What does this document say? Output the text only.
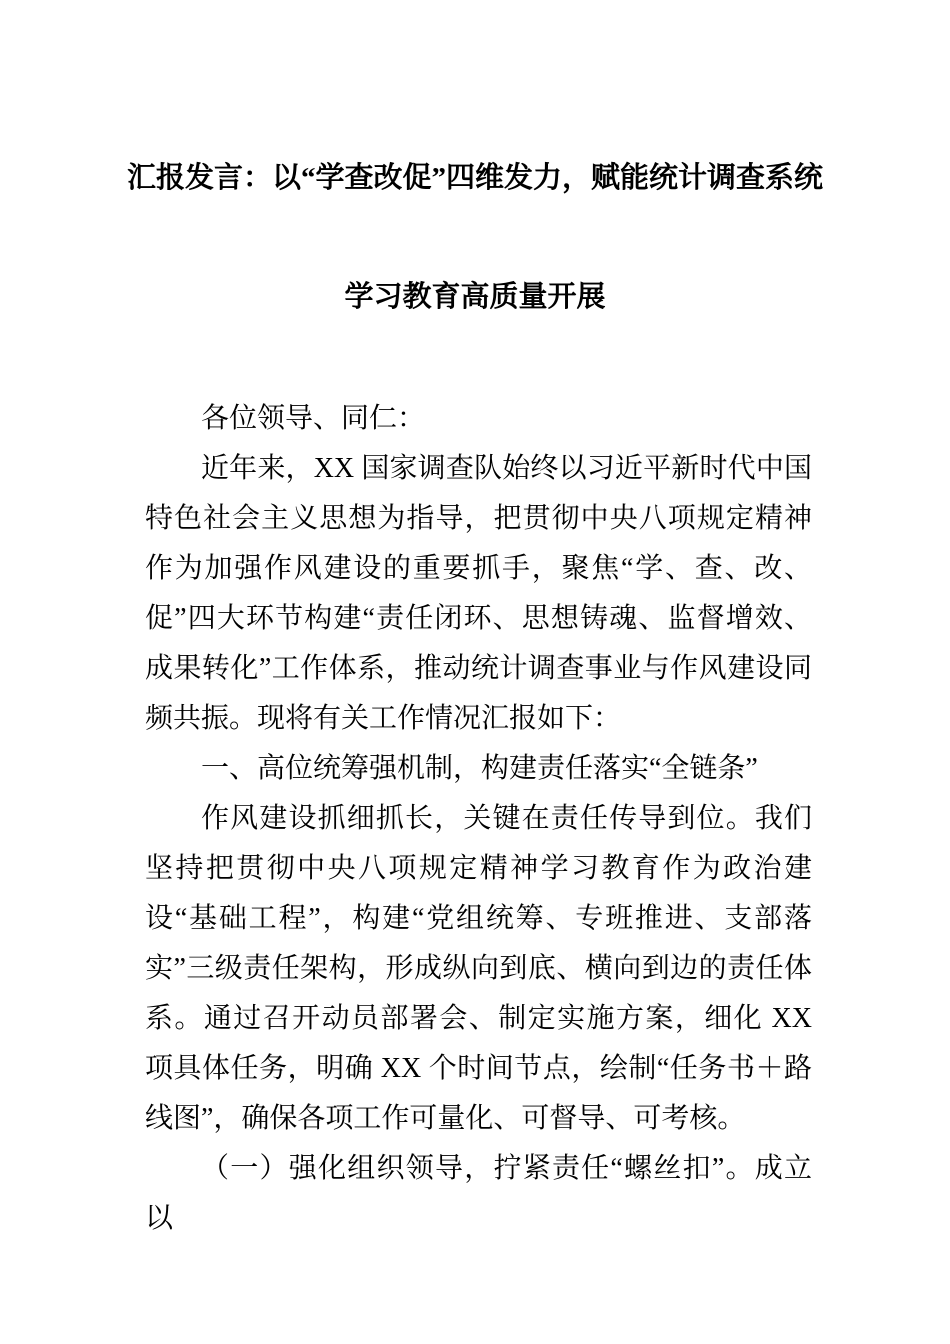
汇报发言：以“学查改促”四维发力，赋能统计调查系统
学习教育高质量开展

各位领导、同仁：

近年来，XX 国家调查队始终以习近平新时代中国特色社会主义思想为指导，把贯彻中央八项规定精神作为加强作风建设的重要抓手，聚焦“学、查、改、促”四大环节构建“责任闭环、思想铸魂、监督增效、成果转化”工作体系，推动统计调查事业与作风建设同频共振。现将有关工作情况汇报如下：

一、高位统筹强机制，构建责任落实“全链条”

作风建设抓细抓长，关键在责任传导到位。我们坚持把贯彻中央八项规定精神学习教育作为政治建设“基础工程”，构建“党组统筹、专班推进、支部落实”三级责任架构，形成纵向到底、横向到边的责任体系。通过召开动员部署会、制定实施方案，细化 XX 项具体任务，明确 XX 个时间节点，绘制“任务书＋路线图”，确保各项工作可量化、可督导、可考核。

（一）强化组织领导，拧紧责任“螺丝扣”。成立以
